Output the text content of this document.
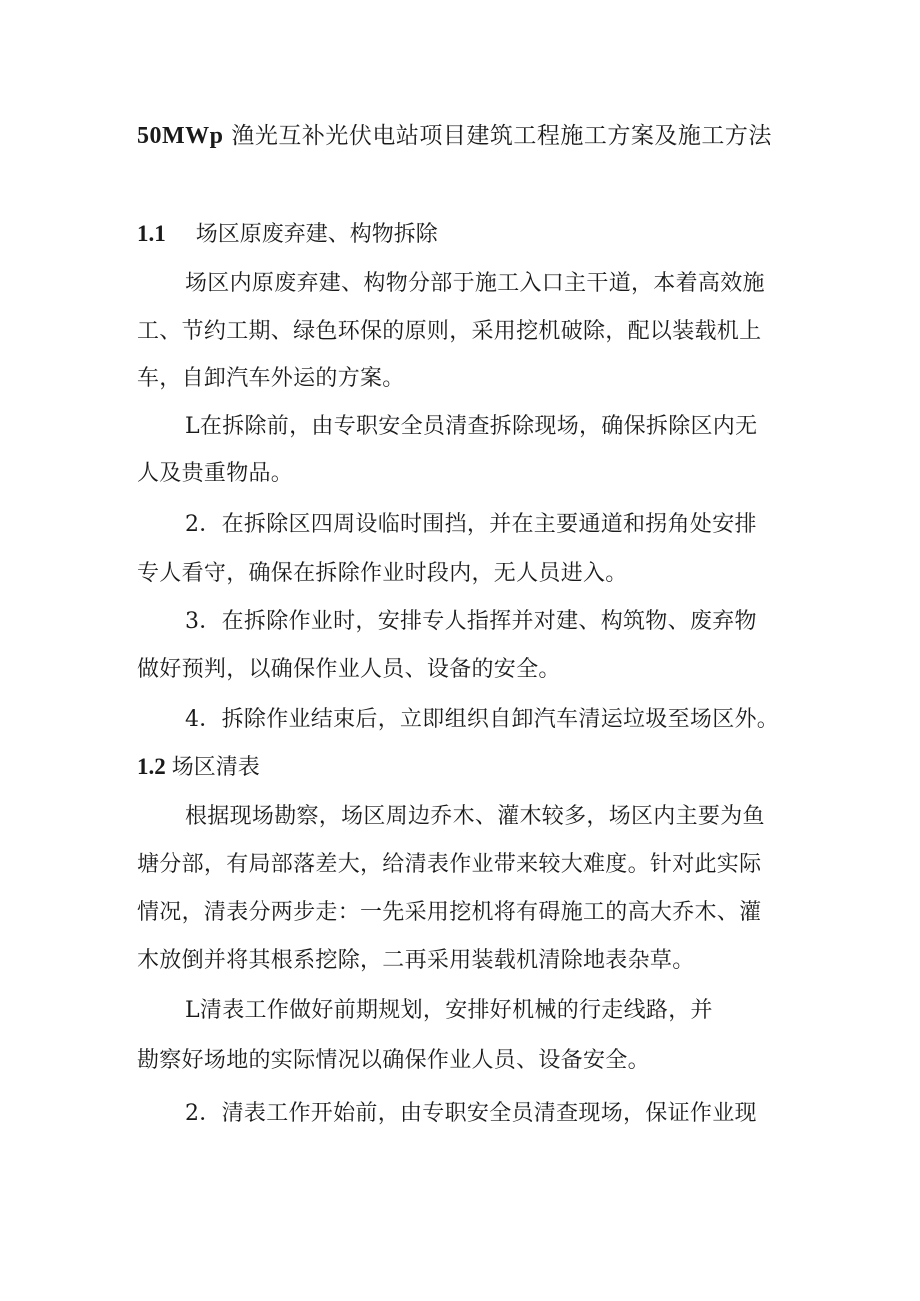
50MWp 渔光互补光伏电站项目建筑工程施工方案及施工方法
1.1 场区原废弃建、构物拆除
场区内原废弃建、构物分部于施工入口主干道，本着高效施
工、节约工期、绿色环保的原则，采用挖机破除，配以装载机上
车，自卸汽车外运的方案。
L在拆除前，由专职安全员清查拆除现场，确保拆除区内无
人及贵重物品。
2．在拆除区四周设临时围挡，并在主要通道和拐角处安排
专人看守，确保在拆除作业时段内，无人员进入。
3．在拆除作业时，安排专人指挥并对建、构筑物、废弃物
做好预判，以确保作业人员、设备的安全。
4．拆除作业结束后，立即组织自卸汽车清运垃圾至场区外。
1.2 场区清表
根据现场勘察，场区周边乔木、灌木较多，场区内主要为鱼
塘分部，有局部落差大，给清表作业带来较大难度。针对此实际
情况，清表分两步走：一先采用挖机将有碍施工的高大乔木、灌
木放倒并将其根系挖除，二再采用装载机清除地表杂草。
L清表工作做好前期规划，安排好机械的行走线路，并
勘察好场地的实际情况以确保作业人员、设备安全。
2．清表工作开始前，由专职安全员清查现场，保证作业现
